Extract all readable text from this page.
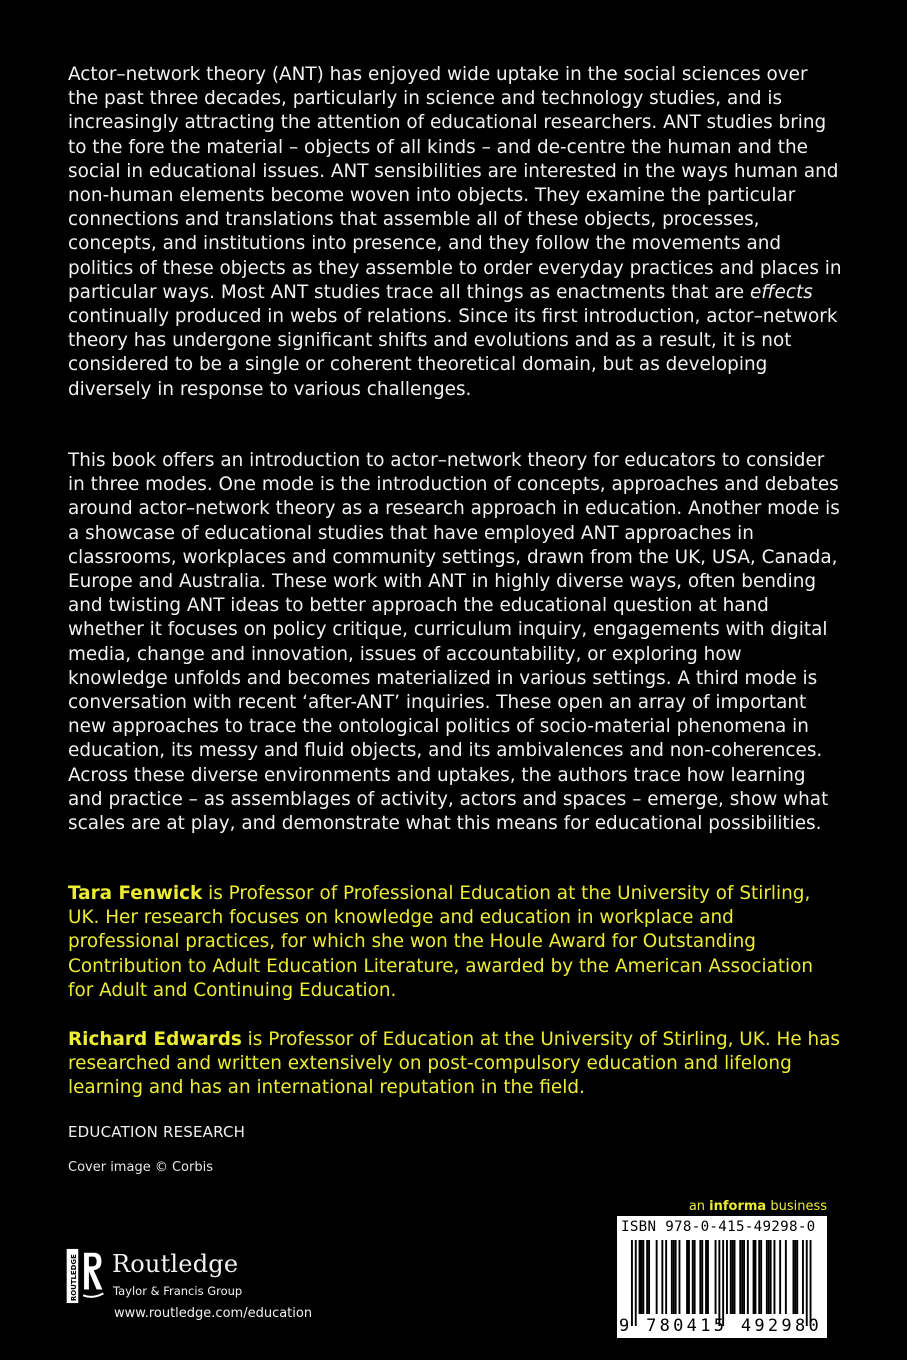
Actor–network theory (ANT) has enjoyed wide uptake in the social sciences over the past three decades, particularly in science and technology studies, and is increasingly attracting the attention of educational researchers. ANT studies bring to the fore the material – objects of all kinds – and de-centre the human and the social in educational issues. ANT sensibilities are interested in the ways human and non-human elements become woven into objects. They examine the particular connections and translations that assemble all of these objects, processes, concepts, and institutions into presence, and they follow the movements and politics of these objects as they assemble to order everyday practices and places in particular ways. Most ANT studies trace all things as enactments that are effects continually produced in webs of relations. Since its first introduction, actor–network theory has undergone significant shifts and evolutions and as a result, it is not considered to be a single or coherent theoretical domain, but as developing diversely in response to various challenges.

This book offers an introduction to actor–network theory for educators to consider in three modes. One mode is the introduction of concepts, approaches and debates around actor–network theory as a research approach in education. Another mode is a showcase of educational studies that have employed ANT approaches in classrooms, workplaces and community settings, drawn from the UK, USA, Canada, Europe and Australia. These work with ANT in highly diverse ways, often bending and twisting ANT ideas to better approach the educational question at hand whether it focuses on policy critique, curriculum inquiry, engagements with digital media, change and innovation, issues of accountability, or exploring how knowledge unfolds and becomes materialized in various settings. A third mode is conversation with recent ‘after-ANT’ inquiries. These open an array of important new approaches to trace the ontological politics of socio-material phenomena in education, its messy and fluid objects, and its ambivalences and non-coherences. Across these diverse environments and uptakes, the authors trace how learning and practice – as assemblages of activity, actors and spaces – emerge, show what scales are at play, and demonstrate what this means for educational possibilities.

Tara Fenwick is Professor of Professional Education at the University of Stirling, UK. Her research focuses on knowledge and education in workplace and professional practices, for which she won the Houle Award for Outstanding Contribution to Adult Education Literature, awarded by the American Association for Adult and Continuing Education.

Richard Edwards is Professor of Education at the University of Stirling, UK. He has researched and written extensively on post-compulsory education and lifelong learning and has an international reputation in the field.

EDUCATION RESEARCH
Cover image © Corbis
ROUTLEDGE Routledge
Taylor & Francis Group
www.routledge.com/education
an informa business
ISBN 978-0-415-49298-0
9 780415 492980
